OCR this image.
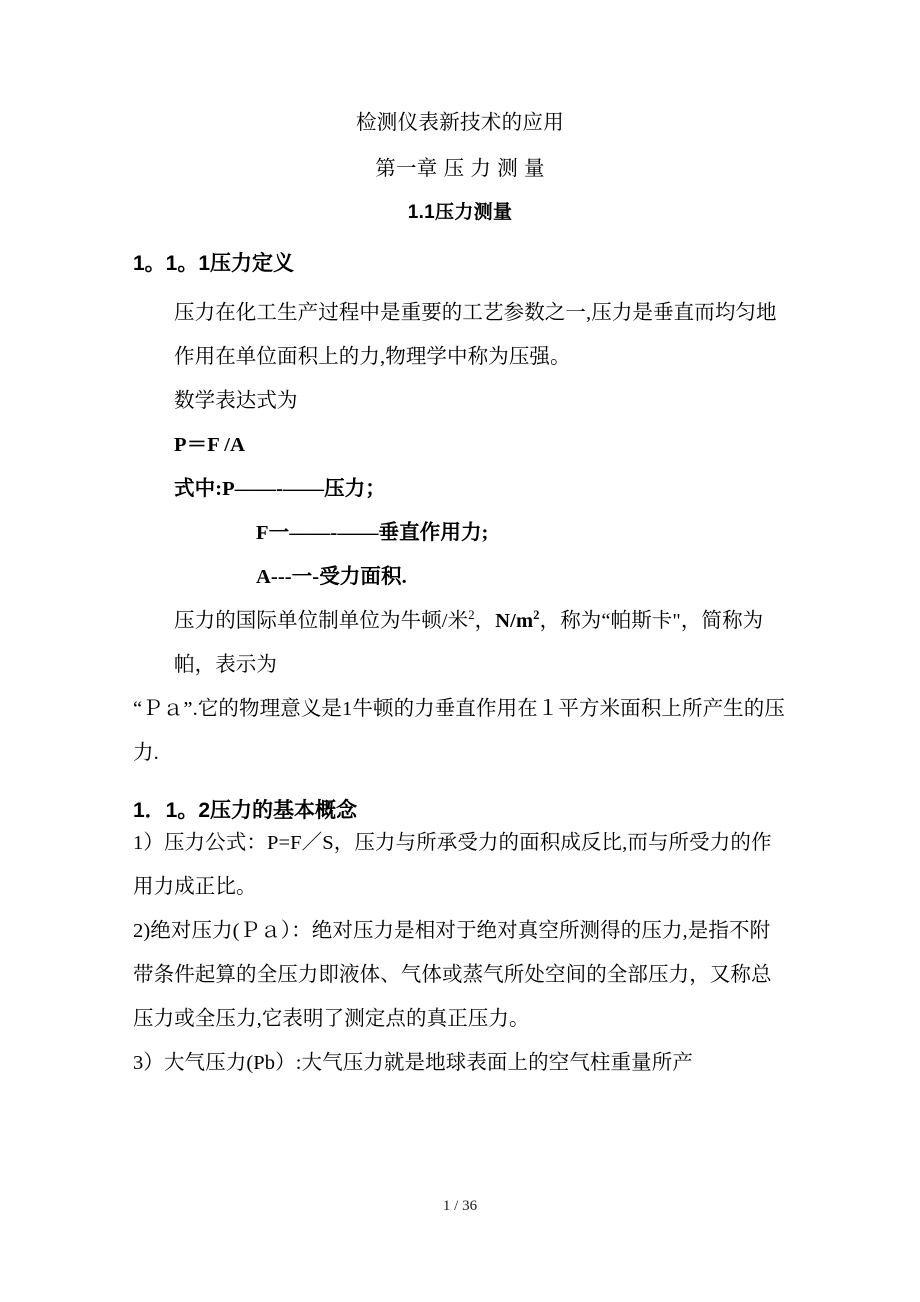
检测仪表新技术的应用
第一章 压 力 测 量
1.1压力测量
1。1。1压力定义
压力在化工生产过程中是重要的工艺参数之一,压力是垂直而均匀地作用在单位面积上的力,物理学中称为压强。
数学表达式为
P＝F /A
式中:P——-——压力；
F一——-——垂直作用力;
A---一-受力面积.
压力的国际单位制单位为牛顿/米$^2$，$N/m^2$，称为“帕斯卡"，简称为帕，表示为
“Ｐａ”.它的物理意义是1牛顿的力垂直作用在１平方米面积上所产生的压力.
1．1。2压力的基本概念
1）压力公式：P=F／S，压力与所承受力的面积成反比,而与所受力的作用力成正比。
2)绝对压力(Ｐａ）：绝对压力是相对于绝对真空所测得的压力,是指不附带条件起算的全压力即液体、气体或蒸气所处空间的全部压力，又称总压力或全压力,它表明了测定点的真正压力。
3）大气压力(Pb）:大气压力就是地球表面上的空气柱重量所产
1 / 36
